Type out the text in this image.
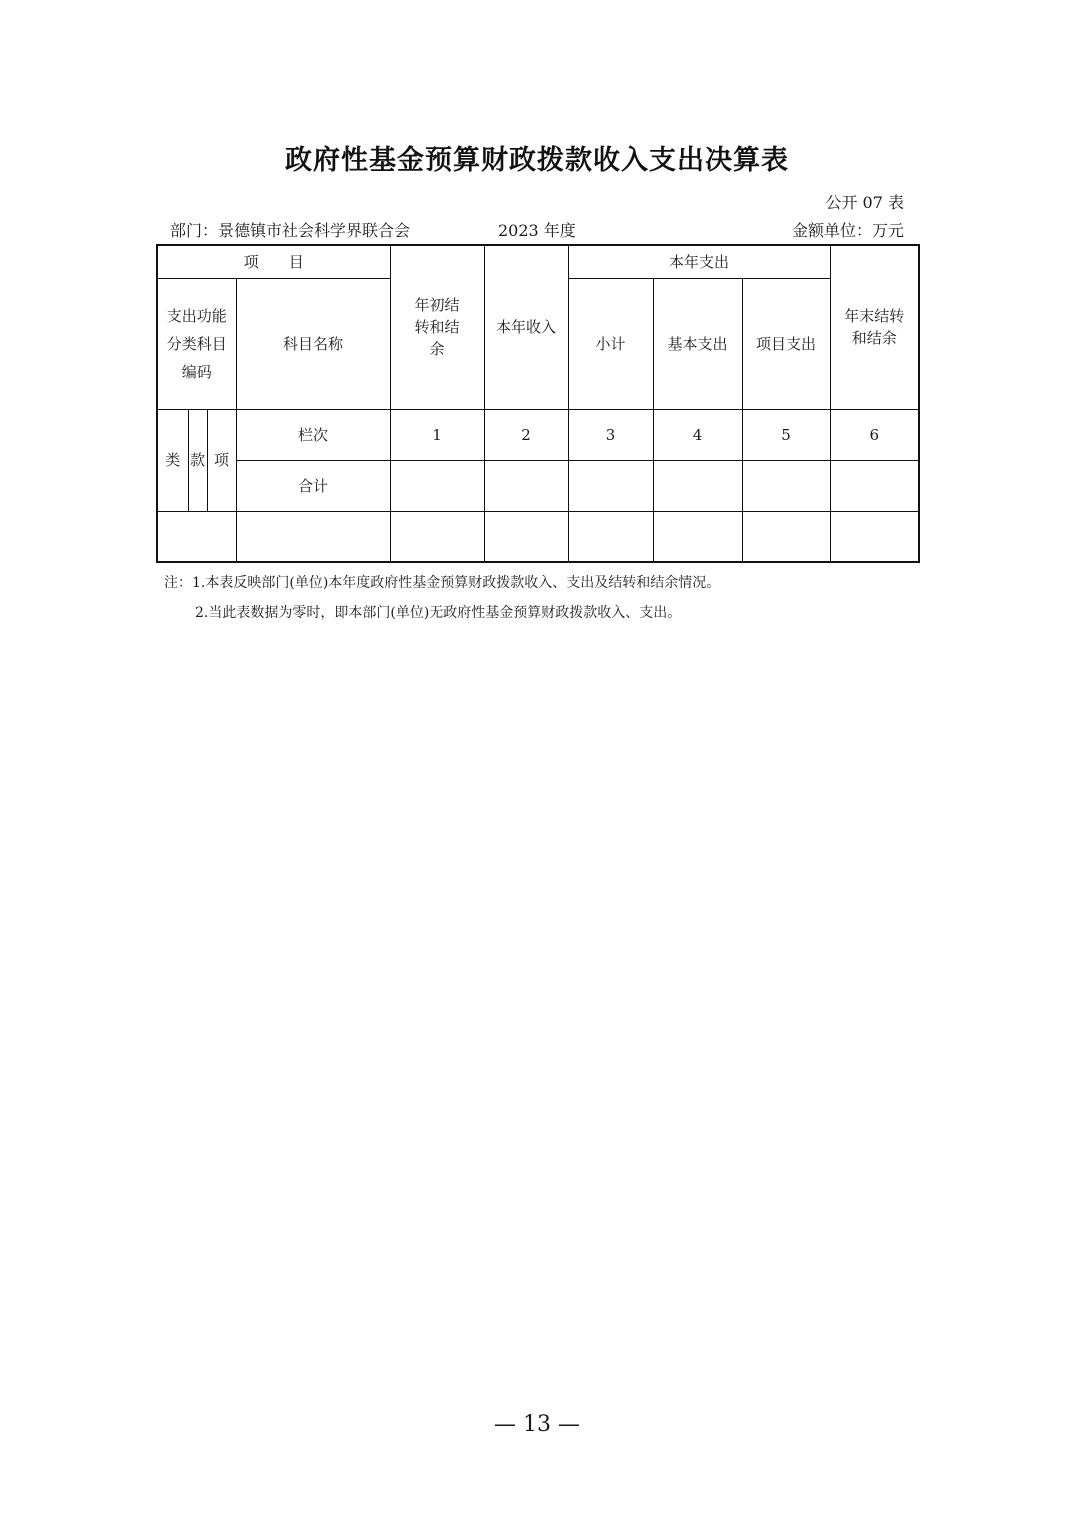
政府性基金预算财政拨款收入支出决算表
公开 07 表
部门：景德镇市社会科学界联合会	2023 年度	金额单位：万元
项　　目				年初结转和结余	本年收入	本年支出			年末结转和结余

支出功能分类科目编码			科目名称			小计	基本支出	项目支出	
类	款	项	栏次	1	2	3	4	5	6
			合计						

注：1.本表反映部门(单位)本年度政府性基金预算财政拨款收入、支出及结转和结余情况。
2.当此表数据为零时，即本部门(单位)无政府性基金预算财政拨款收入、支出。
— 13 —
